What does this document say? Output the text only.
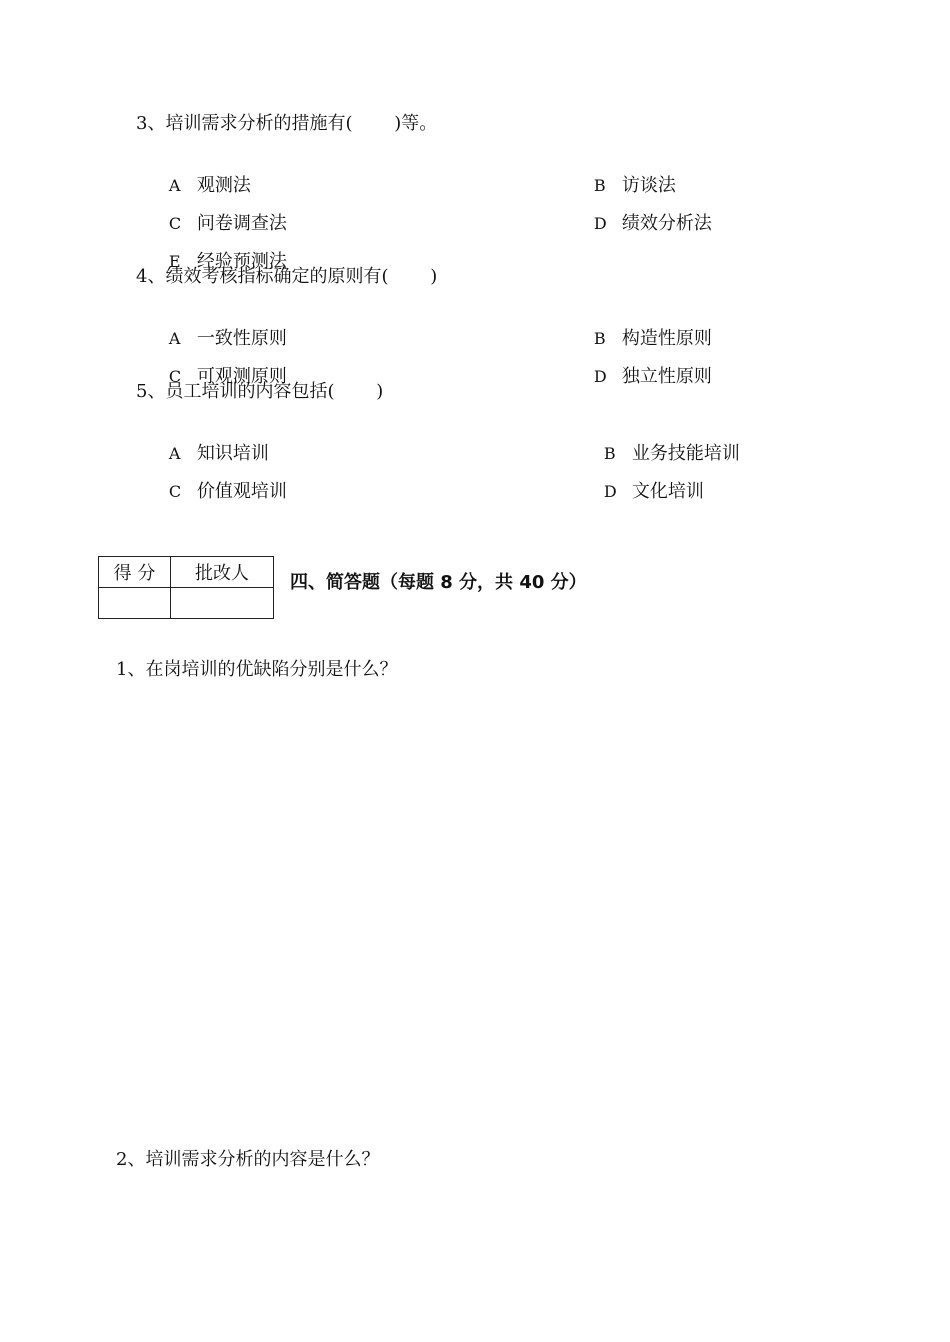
3、培训需求分析的措施有(　　 )等。

A 观测法
	B 访谈法

C 问卷调查法
	D 绩效分析法

E 经验预测法

4、绩效考核指标确定的原则有(　　 )

A 一致性原则
	B 构造性原则

C 可观测原则
	D 独立性原则

5、员工培训的内容包括(　　 )

A 知识培训
	B 业务技能培训

C 价值观培训
	D 文化培训

得 分	批改人
	四、简答题（每题 8 分，共 40 分）
1、在岗培训的优缺陷分别是什么？
2、培训需求分析的内容是什么？
